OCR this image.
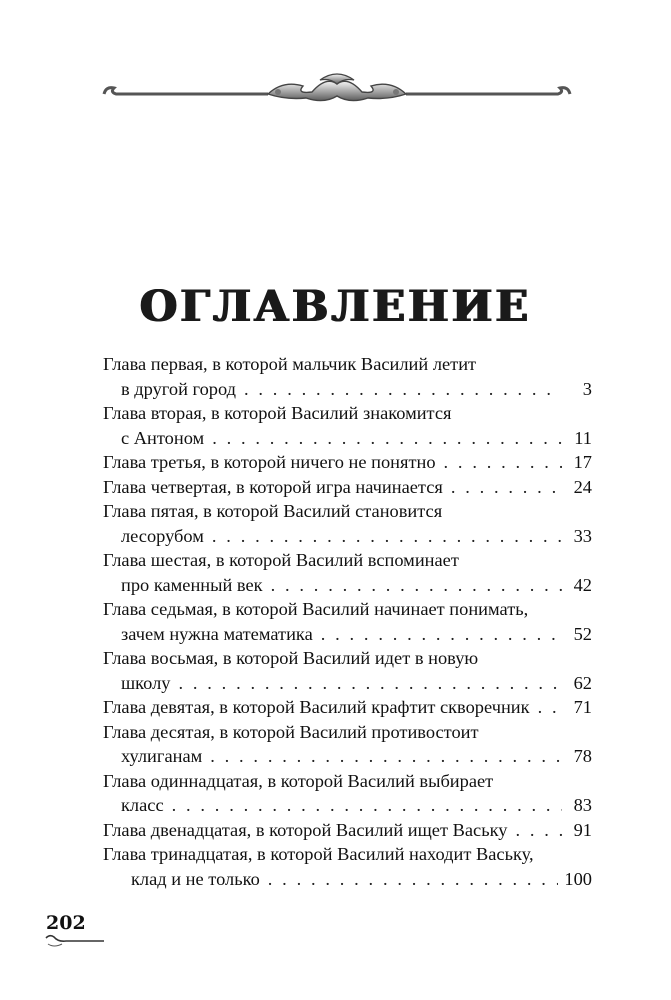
ОГЛАВЛЕНИЕ
Глава первая, в которой мальчик Василий летит
в другой город . . .	3
Глава вторая, в которой Василий знакомится
с Антоном . . .	11
Глава третья, в которой ничего не понятно . . .	17
Глава четвертая, в которой игра начинается . . .	24
Глава пятая, в которой Василий становится
лесорубом . . .	33
Глава шестая, в которой Василий вспоминает
про каменный век . . .	42
Глава седьмая, в которой Василий начинает понимать,
зачем нужна математика . . .	52
Глава восьмая, в которой Василий идет в новую
школу . . .	62
Глава девятая, в которой Василий крафтит скворечник . . .	71
Глава десятая, в которой Василий противостоит
хулиганам . . .	78
Глава одиннадцатая, в которой Василий выбирает
класс . . .	83
Глава двенадцатая, в которой Василий ищет Ваську . . .	91
Глава тринадцатая, в которой Василий находит Ваську,
клад и не только . . .	100
202
